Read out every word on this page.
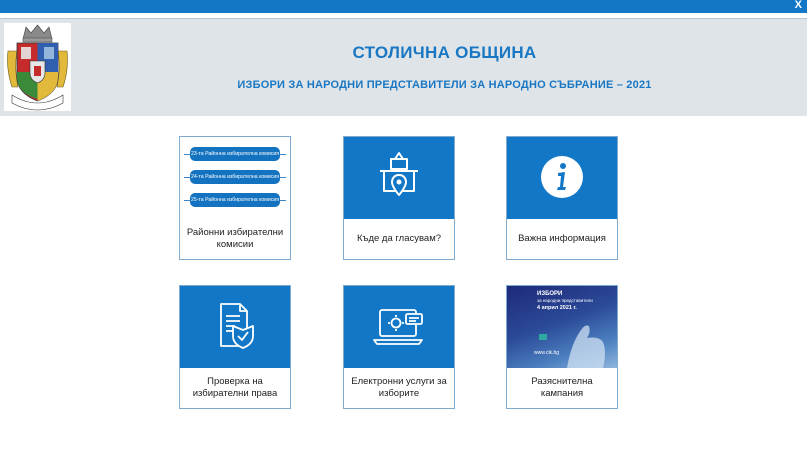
X
СТОЛИЧНА ОБЩИНА
ИЗБОРИ ЗА НАРОДНИ ПРЕДСТАВИТЕЛИ ЗА НАРОДНО СЪБРАНИЕ – 2021
23-та Районна избирателна комисия
24-та Районна избирателна комисия
25-та Районна избирателна комисия
Районни избирателни комисии
Къде да гласувам?	Важна информация
Проверка на избирателни права
Електронни услуги за изборите
ИЗБОРИ
за народни представители
4 април 2021 г.
www.cik.bg
Разяснителна кампания
